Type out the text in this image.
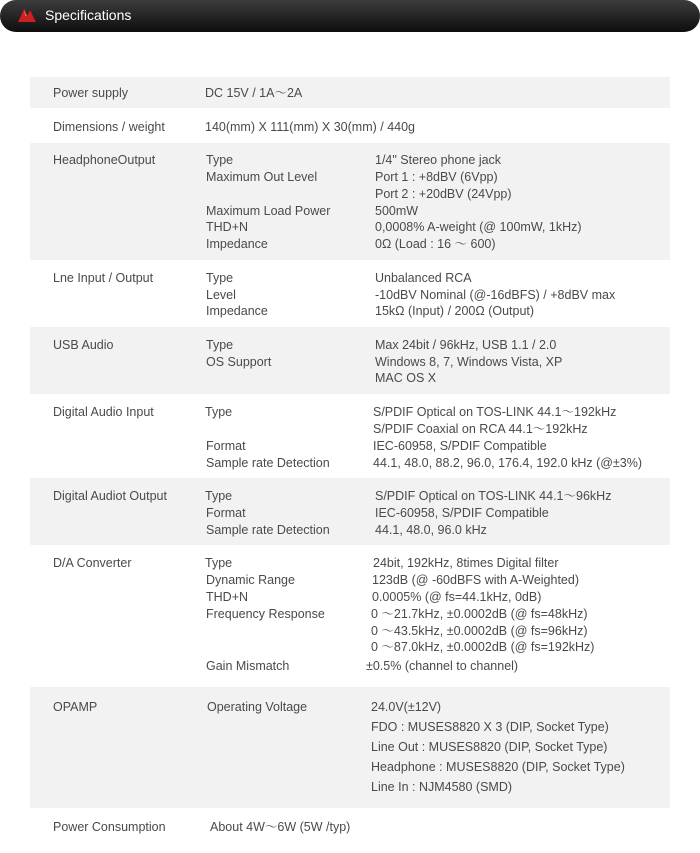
Specifications
Power supply	DC 15V / 1A～2A
Dimensions / weight	140(mm) X 111(mm) X 30(mm) / 440g
HeadphoneOutput	Type	1/4" Stereo phone jack
Maximum Out Level	Port 1 : +8dBV (6Vpp)
Port 2 : +20dBV (24Vpp)
Maximum Load Power	500mW
THD+N	0,0008% A-weight (@ 100mW, 1kHz)
Impedance	0Ω (Load : 16 ～ 600)
Lne Input / Output	Type	Unbalanced RCA
Level	-10dBV Nominal (@-16dBFS) / +8dBV max
Impedance	15kΩ (Input) / 200Ω (Output)
USB Audio	Type	Max 24bit / 96kHz, USB 1.1 / 2.0
OS Support	Windows 8, 7, Windows Vista, XP
MAC OS X
Digital Audio Input	Type	S/PDIF Optical on TOS-LINK 44.1～192kHz
S/PDIF Coaxial on RCA 44.1～192kHz
Format	IEC-60958, S/PDIF Compatible
Sample rate Detection	44.1, 48.0, 88.2, 96.0, 176.4, 192.0 kHz (@±3%)
Digital Audiot Output	Type	S/PDIF Optical on TOS-LINK 44.1～96kHz
Format	IEC-60958, S/PDIF Compatible
Sample rate Detection	44.1, 48.0, 96.0 kHz
D/A Converter	Type	24bit, 192kHz, 8times Digital filter
Dynamic Range	123dB (@ -60dBFS with A-Weighted)
THD+N	0.0005% (@ fs=44.1kHz, 0dB)
Frequency Response	0 ～21.7kHz, ±0.0002dB (@ fs=48kHz)
0 ～43.5kHz, ±0.0002dB (@ fs=96kHz)
0 ～87.0kHz, ±0.0002dB (@ fs=192kHz)
Gain Mismatch	±0.5% (channel to channel)
OPAMP	Operating Voltage	24.0V(±12V)
FDO : MUSES8820 X 3 (DIP, Socket Type)
Line Out : MUSES8820 (DIP, Socket Type)
Headphone : MUSES8820 (DIP, Socket Type)
Line In : NJM4580 (SMD)
Power Consumption	About 4W～6W (5W /typ)
